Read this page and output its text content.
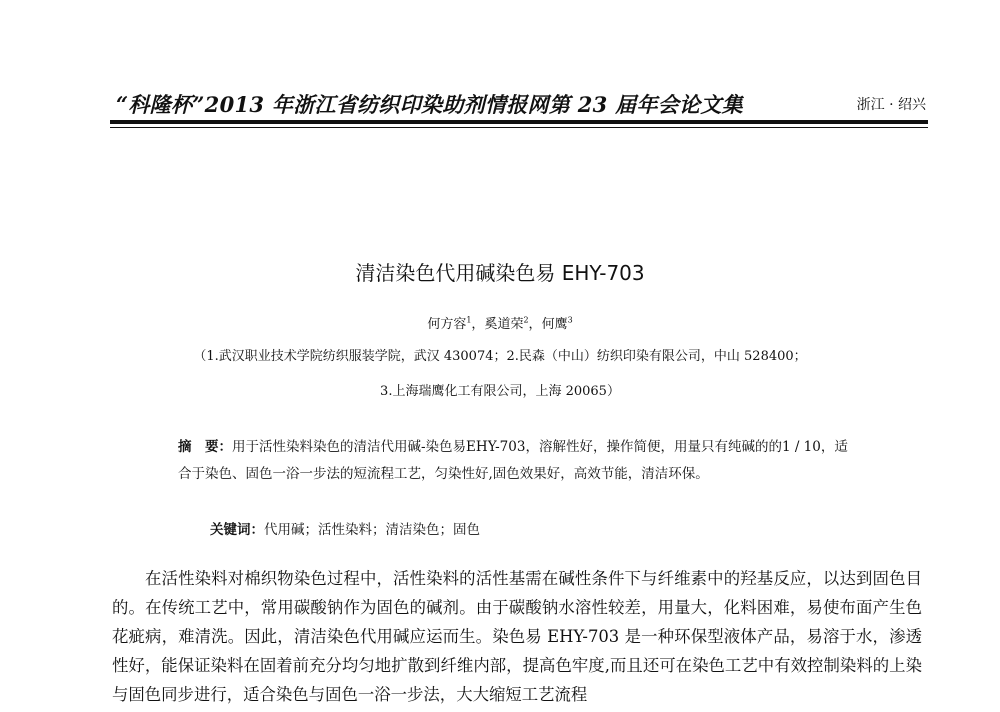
“科隆杯”2013 年浙江省纺织印染助剂情报网第 23 届年会论文集	浙江 · 绍兴
清洁染色代用碱染色易 EHY-703
何方容$^1$，奚道荣$^2$，何鹰$^3$
（1.武汉职业技术学院纺织服装学院，武汉 430074；2.民森（中山）纺织印染有限公司，中山 528400；
3.上海瑞鹰化工有限公司，上海 20065）
摘　要：用于活性染料染色的清洁代用碱-染色易EHY-703，溶解性好，操作简便，用量只有纯碱的的1 / 10，适合于染色、固色一浴一步法的短流程工艺，匀染性好,固色效果好，高效节能，清洁环保。
关键词：代用碱；活性染料；清洁染色；固色

在活性染料对棉织物染色过程中，活性染料的活性基需在碱性条件下与纤维素中的羟基反应，以达到固色目的。在传统工艺中，常用碳酸钠作为固色的碱剂。由于碳酸钠水溶性较差，用量大，化料困难，易使布面产生色花疵病，难清洗。因此，清洁染色代用碱应运而生。染色易 EHY-703 是一种环保型液体产品，易溶于水，渗透性好，能保证染料在固着前充分均匀地扩散到纤维内部，提高色牢度,而且还可在染色工艺中有效控制染料的上染与固色同步进行，适合染色与固色一浴一步法，大大缩短工艺流程
